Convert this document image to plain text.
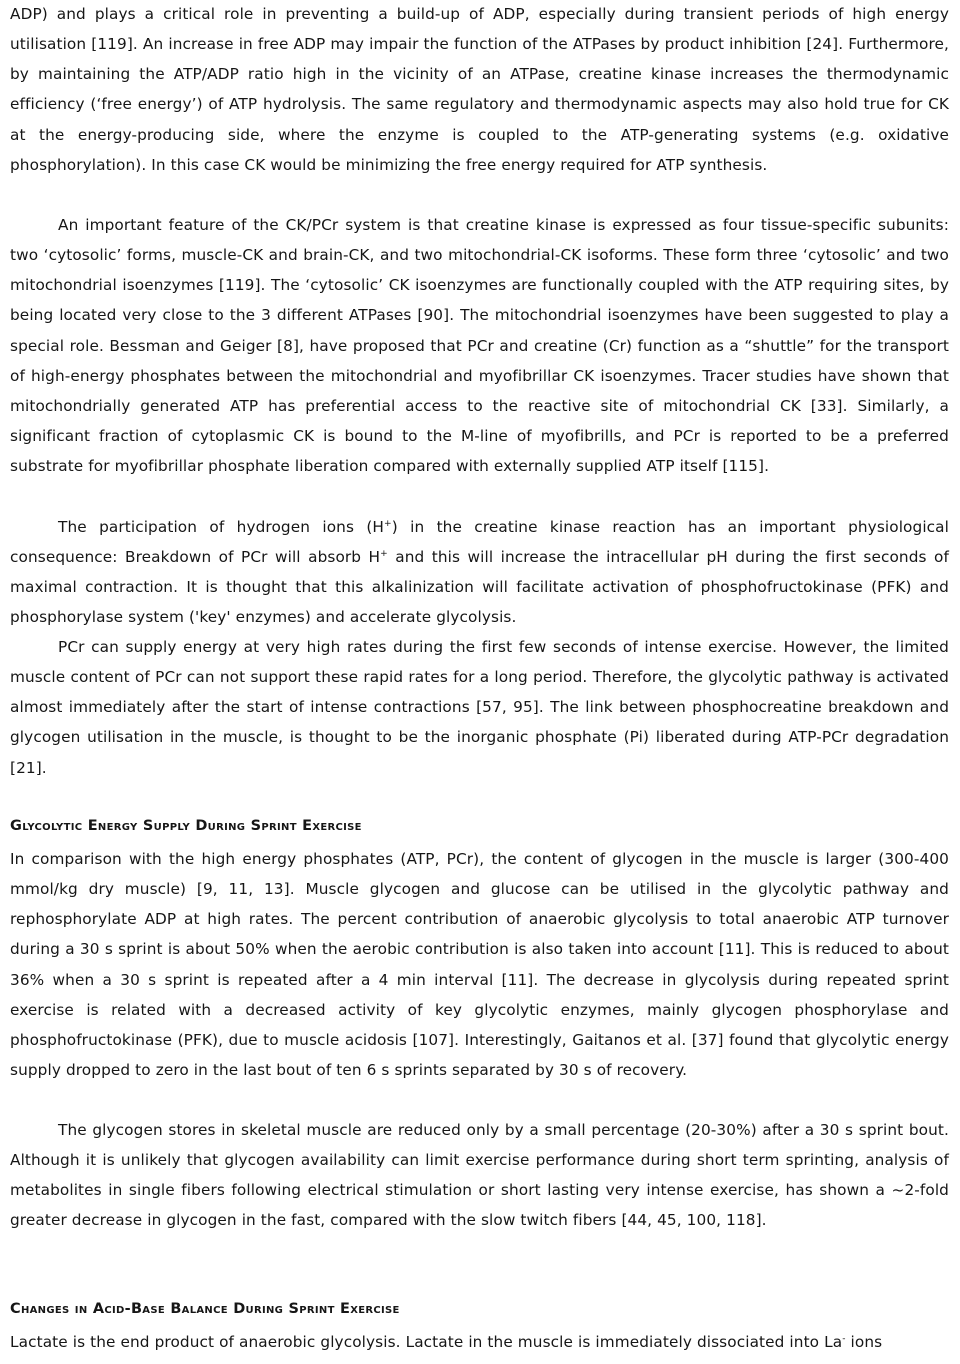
ADP) and plays a critical role in preventing a build-up of ADP, especially during transient periods of high energy utilisation [119]. An increase in free ADP may impair the function of the ATPases by product inhibition [24]. Furthermore, by maintaining the ATP/ADP ratio high in the vicinity of an ATPase, creatine kinase increases the thermodynamic efficiency (‘free energy’) of ATP hydrolysis. The same regulatory and thermodynamic aspects may also hold true for CK at the energy-producing side, where the enzyme is coupled to the ATP-generating systems (e.g. oxidative phosphorylation). In this case CK would be minimizing the free energy required for ATP synthesis.

An important feature of the CK/PCr system is that creatine kinase is expressed as four tissue-specific subunits: two ‘cytosolic’ forms, muscle-CK and brain-CK, and two mitochondrial-CK isoforms. These form three ‘cytosolic’ and two mitochondrial isoenzymes [119]. The ‘cytosolic’ CK isoenzymes are functionally coupled with the ATP requiring sites, by being located very close to the 3 different ATPases [90]. The mitochondrial isoenzymes have been suggested to play a special role. Bessman and Geiger [8], have proposed that PCr and creatine (Cr) function as a “shuttle” for the transport of high-energy phosphates between the mitochondrial and myofibrillar CK isoenzymes. Tracer studies have shown that mitochondrially generated ATP has preferential access to the reactive site of mitochondrial CK [33]. Similarly, a significant fraction of cytoplasmic CK is bound to the M-line of myofibrills, and PCr is reported to be a preferred substrate for myofibrillar phosphate liberation compared with externally supplied ATP itself [115].

The participation of hydrogen ions (H+) in the creatine kinase reaction has an important physiological consequence: Breakdown of PCr will absorb H+ and this will increase the intracellular pH during the first seconds of maximal contraction. It is thought that this alkalinization will facilitate activation of phosphofructokinase (PFK) and phosphorylase system ('key' enzymes) and accelerate glycolysis.

PCr can supply energy at very high rates during the first few seconds of intense exercise. However, the limited muscle content of PCr can not support these rapid rates for a long period. Therefore, the glycolytic pathway is activated almost immediately after the start of intense contractions [57, 95]. The link between phosphocreatine breakdown and glycogen utilisation in the muscle, is thought to be the inorganic phosphate (Pi) liberated during ATP-PCr degradation [21].

Glycolytic Energy Supply During Sprint Exercise

In comparison with the high energy phosphates (ATP, PCr), the content of glycogen in the muscle is larger (300-400 mmol/kg dry muscle) [9, 11, 13]. Muscle glycogen and glucose can be utilised in the glycolytic pathway and rephosphorylate ADP at high rates. The percent contribution of anaerobic glycolysis to total anaerobic ATP turnover during a 30 s sprint is about 50% when the aerobic contribution is also taken into account [11]. This is reduced to about 36% when a 30 s sprint is repeated after a 4 min interval [11]. The decrease in glycolysis during repeated sprint exercise is related with a decreased activity of key glycolytic enzymes, mainly glycogen phosphorylase and phosphofructokinase (PFK), due to muscle acidosis [107]. Interestingly, Gaitanos et al. [37] found that glycolytic energy supply dropped to zero in the last bout of ten 6 s sprints separated by 30 s of recovery.

The glycogen stores in skeletal muscle are reduced only by a small percentage (20-30%) after a 30 s sprint bout. Although it is unlikely that glycogen availability can limit exercise performance during short term sprinting, analysis of metabolites in single fibers following electrical stimulation or short lasting very intense exercise, has shown a ~2-fold greater decrease in glycogen in the fast, compared with the slow twitch fibers [44, 45, 100, 118].

Changes in Acid-Base Balance During Sprint Exercise

Lactate is the end product of anaerobic glycolysis. Lactate in the muscle is immediately dissociated into La- ions
